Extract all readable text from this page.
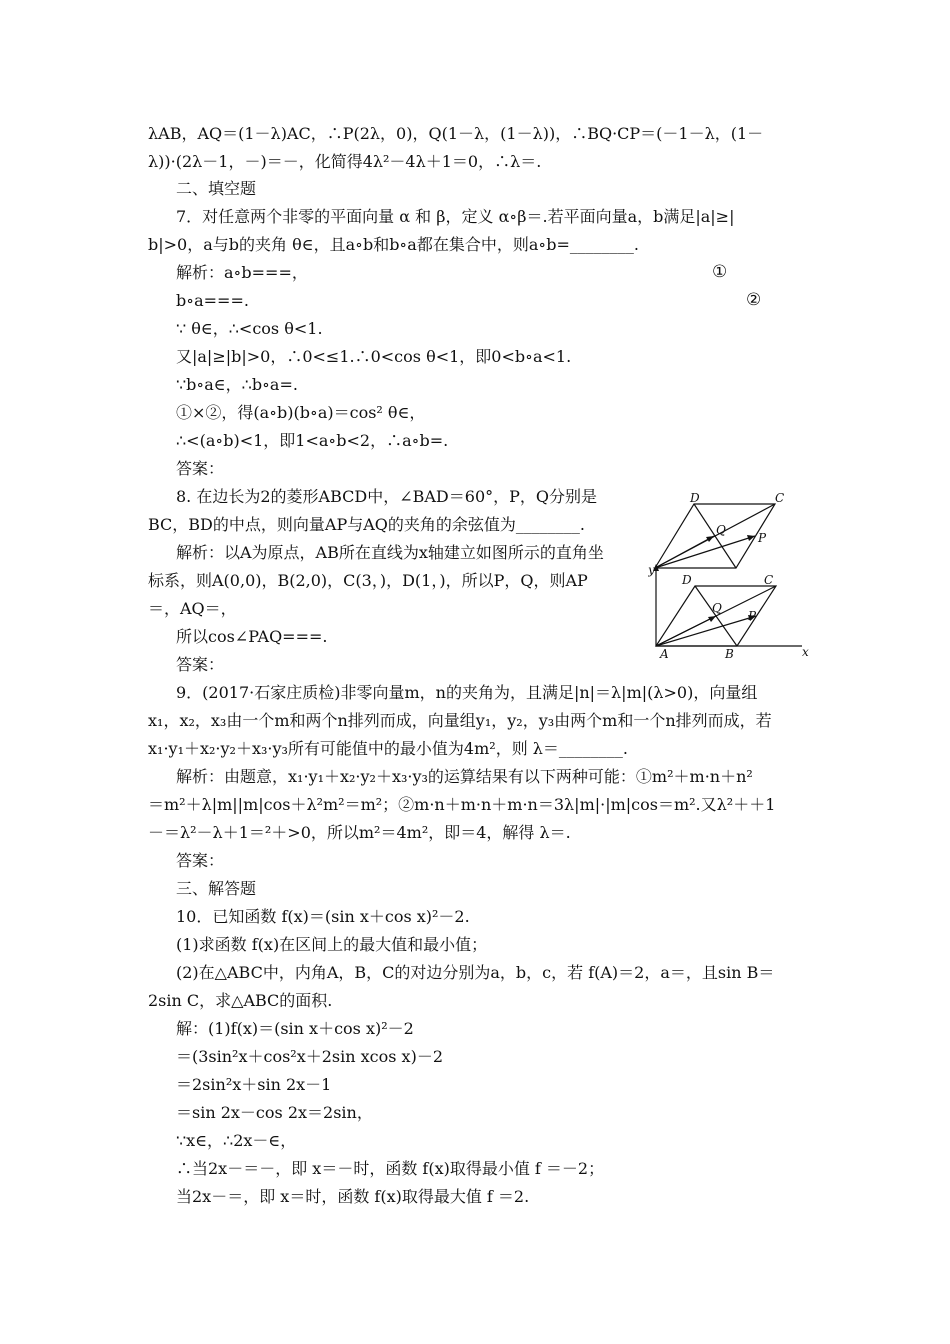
λAB，AQ＝(1－λ)AC，∴P(2λ，0)，Q(1－λ，(1－λ))，∴BQ·CP＝(－1－λ，(1－
λ))·(2λ－1，－)＝－，化简得4λ²－4λ＋1＝0，∴λ＝.
二、填空题
7．对任意两个非零的平面向量 α 和 β，定义 α∘β＝.若平面向量a，b满足|a|≥|
b|>0，a与b的夹角 θ∈，且a∘b和b∘a都在集合中，则a∘b=________.
解析：a∘b===，	①
b∘a===.	②
∵ θ∈，∴<cos θ<1.
又|a|≥|b|>0，∴0<≤1.∴0<cos θ<1，即0<b∘a<1.
∵b∘a∈，∴b∘a=.
①×②，得(a∘b)(b∘a)＝cos² θ∈，
∴<(a∘b)<1，即1<a∘b<2，∴a∘b=.
答案：
8. 在边长为2的菱形ABCD中，∠BAD＝60°，P，Q分别是
BC，BD的中点，则向量AP与AQ的夹角的余弦值为________.
解析：以A为原点，AB所在直线为x轴建立如图所示的直角坐
标系，则A(0,0)，B(2,0)，C(3，)，D(1，)，所以P，Q，则AP
＝，AQ＝，
所以cos∠PAQ===.
答案：
9．(2017·石家庄质检)非零向量m，n的夹角为，且满足|n|＝λ|m|(λ>0)，向量组
x₁，x₂，x₃由一个m和两个n排列而成，向量组y₁，y₂，y₃由两个m和一个n排列而成，若
x₁·y₁＋x₂·y₂＋x₃·y₃所有可能值中的最小值为4m²，则 λ＝________.
解析：由题意，x₁·y₁＋x₂·y₂＋x₃·y₃的运算结果有以下两种可能：①m²＋m·n＋n²
＝m²＋λ|m||m|cos＋λ²m²＝m²；②m·n＋m·n＋m·n＝3λ|m|·|m|cos＝m².又λ²＋＋1
－＝λ²－λ＋1＝²＋>0，所以m²＝4m²，即＝4，解得 λ＝.
答案：
三、解答题
10．已知函数 f(x)＝(sin x＋cos x)²－2.
(1)求函数 f(x)在区间上的最大值和最小值；
(2)在△ABC中，内角A，B，C的对边分别为a，b，c，若 f(A)＝2，a＝，且sin B＝
2sin C，求△ABC的面积.
解：(1)f(x)＝(sin x＋cos x)²－2
＝(3sin²x＋cos²x＋2sin xcos x)－2
＝2sin²x＋sin 2x－1
＝sin 2x－cos 2x＝2sin，
∵x∈，∴2x－∈，
∴当2x－＝－，即 x＝－时，函数 f(x)取得最小值 f ＝－2；
当2x－＝，即 x＝时，函数 f(x)取得最大值 f ＝2.
D	C
Q
P
y
x
D	C
Q
P
A	B
